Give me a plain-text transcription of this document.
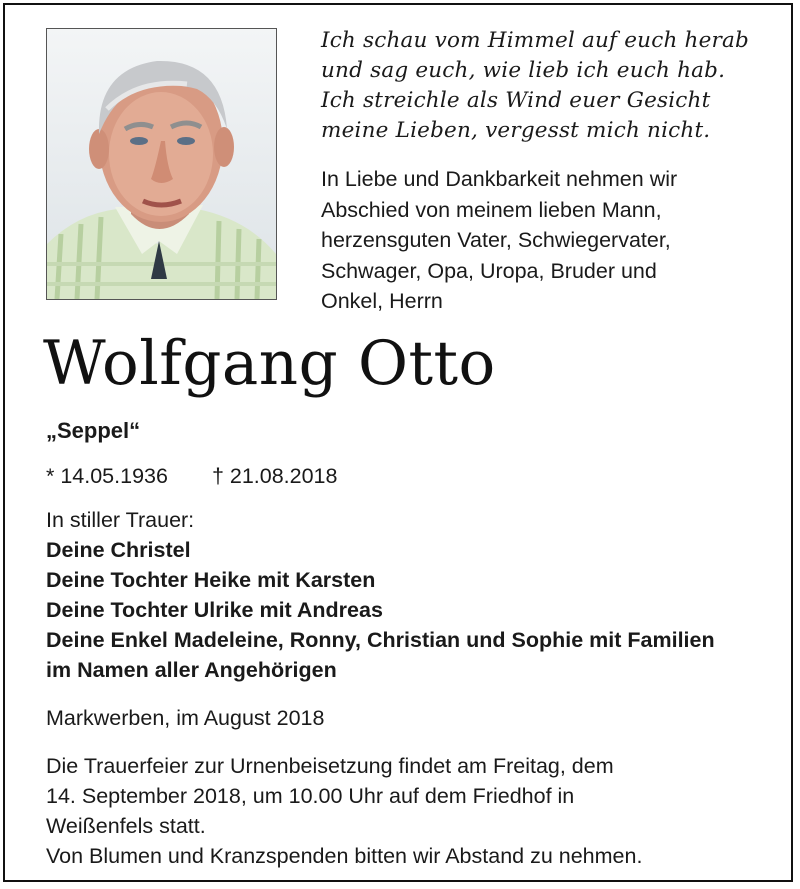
Ich schau vom Himmel auf euch herab
und sag euch, wie lieb ich euch hab.
Ich streichle als Wind euer Gesicht
meine Lieben, vergesst mich nicht.
In Liebe und Dankbarkeit nehmen wir
Abschied von meinem lieben Mann,
herzensguten Vater, Schwiegervater,
Schwager, Opa, Uropa, Bruder und
Onkel, Herrn
Wolfgang Otto
„Seppel“
* 14.05.1936 † 21.08.2018
In stiller Trauer:
Deine Christel
Deine Tochter Heike mit Karsten
Deine Tochter Ulrike mit Andreas
Deine Enkel Madeleine, Ronny, Christian und Sophie mit Familien
im Namen aller Angehörigen
Markwerben, im August 2018
Die Trauerfeier zur Urnenbeisetzung findet am Freitag, dem
14. September 2018, um 10.00 Uhr auf dem Friedhof in
Weißenfels statt.
Von Blumen und Kranzspenden bitten wir Abstand zu nehmen.
